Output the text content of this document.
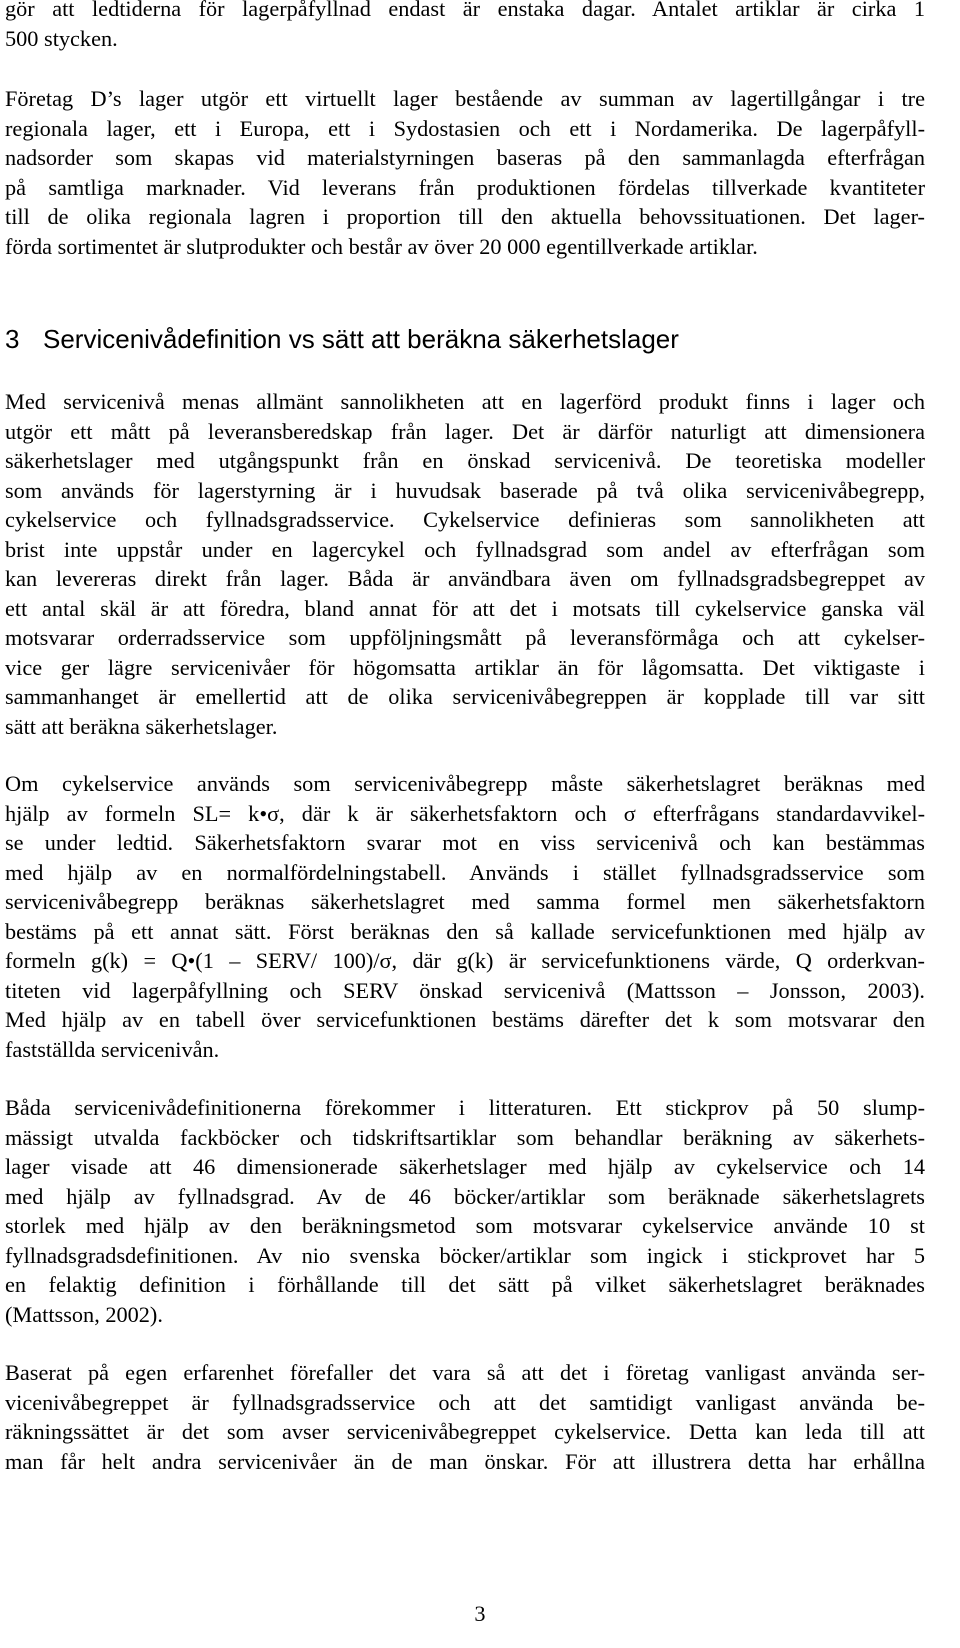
gör att ledtiderna för lagerpåfyllnad endast är enstaka dagar. Antalet artiklar är cirka 1
500 stycken.
Företag D’s lager utgör ett virtuellt lager bestående av summan av lagertillgångar i tre
regionala lager, ett i Europa, ett i Sydostasien och ett i Nordamerika. De lagerpåfyll-
nadsorder som skapas vid materialstyrningen baseras på den sammanlagda efterfrågan
på samtliga marknader. Vid leverans från produktionen fördelas tillverkade kvantiteter
till de olika regionala lagren i proportion till den aktuella behovssituationen. Det lager-
förda sortimentet är slutprodukter och består av över 20 000 egentillverkade artiklar.
3 Servicenivådefinition vs sätt att beräkna säkerhetslager
Med servicenivå menas allmänt sannolikheten att en lagerförd produkt finns i lager och
utgör ett mått på leveransberedskap från lager. Det är därför naturligt att dimensionera
säkerhetslager med utgångspunkt från en önskad servicenivå. De teoretiska modeller
som används för lagerstyrning är i huvudsak baserade på två olika servicenivåbegrepp,
cykelservice och fyllnadsgradsservice. Cykelservice definieras som sannolikheten att
brist inte uppstår under en lagercykel och fyllnadsgrad som andel av efterfrågan som
kan levereras direkt från lager. Båda är användbara även om fyllnadsgradsbegreppet av
ett antal skäl är att föredra, bland annat för att det i motsats till cykelservice ganska väl
motsvarar orderradsservice som uppföljningsmått på leveransförmåga och att cykelser-
vice ger lägre servicenivåer för högomsatta artiklar än för lågomsatta. Det viktigaste i
sammanhanget är emellertid att de olika servicenivåbegreppen är kopplade till var sitt
sätt att beräkna säkerhetslager.
Om cykelservice används som servicenivåbegrepp måste säkerhetslagret beräknas med
hjälp av formeln SL= k•σ, där k är säkerhetsfaktorn och σ efterfrågans standardavvikel-
se under ledtid. Säkerhetsfaktorn svarar mot en viss servicenivå och kan bestämmas
med hjälp av en normalfördelningstabell. Används i stället fyllnadsgradsservice som
servicenivåbegrepp beräknas säkerhetslagret med samma formel men säkerhetsfaktorn
bestäms på ett annat sätt. Först beräknas den så kallade servicefunktionen med hjälp av
formeln g(k) = Q•(1 – SERV/ 100)/σ, där g(k) är servicefunktionens värde, Q orderkvan-
titeten vid lagerpåfyllning och SERV önskad servicenivå (Mattsson – Jonsson, 2003).
Med hjälp av en tabell över servicefunktionen bestäms därefter det k som motsvarar den
fastställda servicenivån.
Båda servicenivådefinitionerna förekommer i litteraturen. Ett stickprov på 50 slump-
mässigt utvalda fackböcker och tidskriftsartiklar som behandlar beräkning av säkerhets-
lager visade att 46 dimensionerade säkerhetslager med hjälp av cykelservice och 14
med hjälp av fyllnadsgrad. Av de 46 böcker/artiklar som beräknade säkerhetslagrets
storlek med hjälp av den beräkningsmetod som motsvarar cykelservice använde 10 st
fyllnadsgradsdefinitionen. Av nio svenska böcker/artiklar som ingick i stickprovet har 5
en felaktig definition i förhållande till det sätt på vilket säkerhetslagret beräknades
(Mattsson, 2002).
Baserat på egen erfarenhet förefaller det vara så att det i företag vanligast använda ser-
vicenivåbegreppet är fyllnadsgradsservice och att det samtidigt vanligast använda be-
räkningssättet är det som avser servicenivåbegreppet cykelservice. Detta kan leda till att
man får helt andra servicenivåer än de man önskar. För att illustrera detta har erhållna
3
